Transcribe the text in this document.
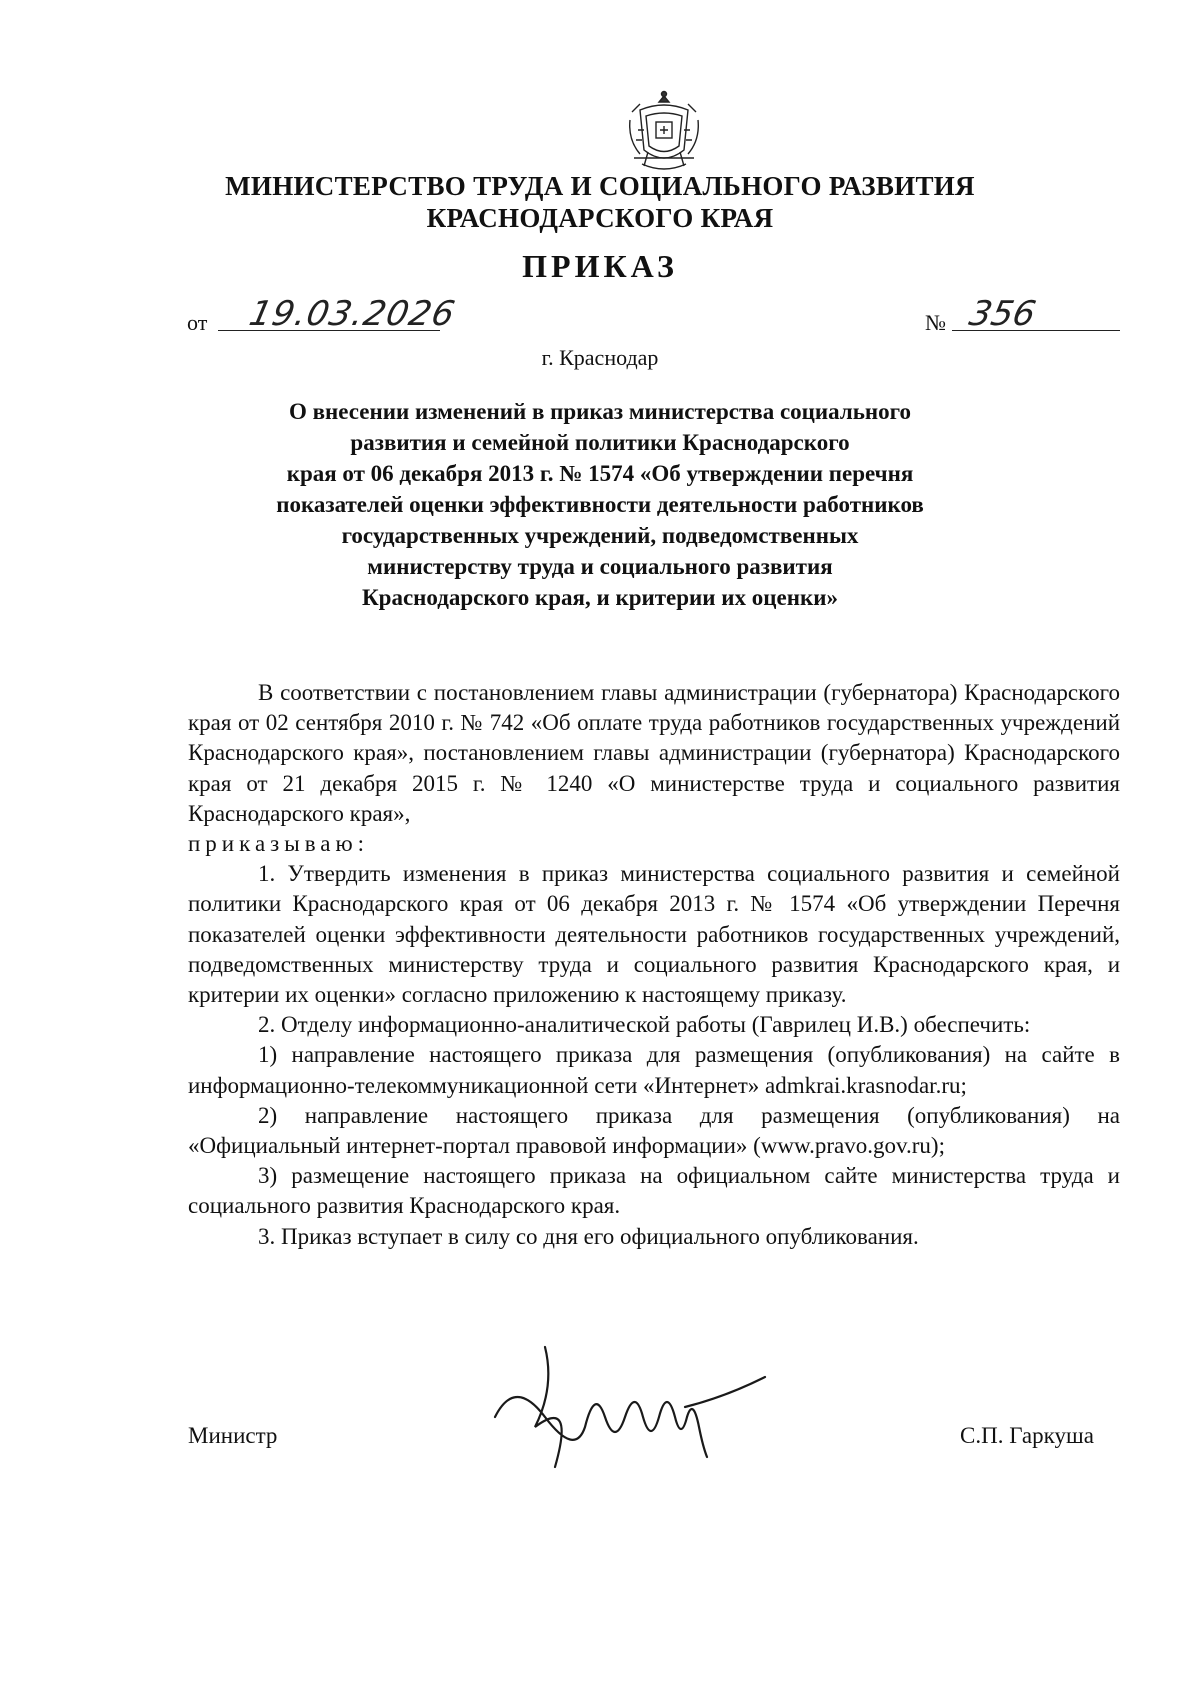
МИНИСТЕРСТВО ТРУДА И СОЦИАЛЬНОГО РАЗВИТИЯ
КРАСНОДАРСКОГО КРАЯ
ПРИКАЗ
от 19.03.2026	№ 356
г. Краснодар
О внесении изменений в приказ министерства социального
развития и семейной политики Краснодарского
края от 06 декабря 2013 г. № 1574 «Об утверждении перечня
показателей оценки эффективности деятельности работников
государственных учреждений, подведомственных
министерству труда и социального развития
Краснодарского края, и критерии их оценки»

В соответствии с постановлением главы администрации (губернатора) Краснодарского края от 02 сентября 2010 г. № 742 «Об оплате труда работников государственных учреждений Краснодарского края», постановлением главы администрации (губернатора) Краснодарского края от 21 декабря 2015 г. № 1240 «О министерстве труда и социального развития Краснодарского края»,
приказываю:

1. Утвердить изменения в приказ министерства социального развития и семейной политики Краснодарского края от 06 декабря 2013 г. № 1574 «Об утверждении Перечня показателей оценки эффективности деятельности работников государственных учреждений, подведомственных министерству труда и социального развития Краснодарского края, и критерии их оценки» согласно приложению к настоящему приказу.

2. Отделу информационно-аналитической работы (Гаврилец И.В.) обеспечить:

1) направление настоящего приказа для размещения (опубликования) на сайте в информационно-телекоммуникационной сети «Интернет» admkrai.krasnodar.ru;

2) направление настоящего приказа для размещения (опубликования) на «Официальный интернет-портал правовой информации» (www.pravo.gov.ru);

3) размещение настоящего приказа на официальном сайте министерства труда и социального развития Краснодарского края.

3. Приказ вступает в силу со дня его официального опубликования.

Министр	С.П. Гаркуша
